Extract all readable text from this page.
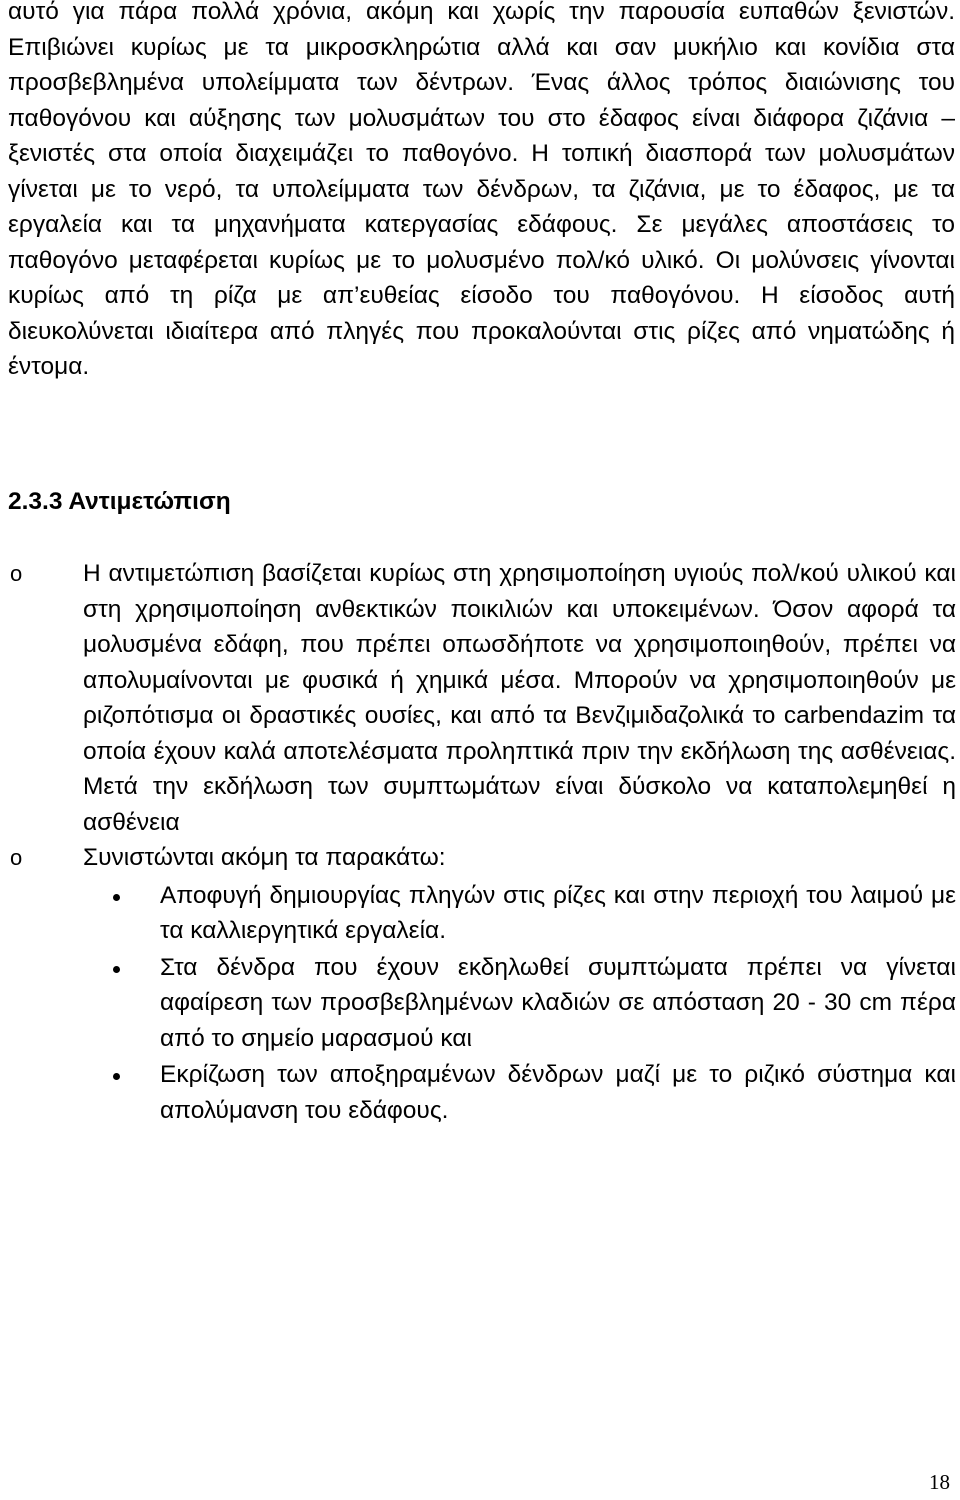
αυτό για πάρα πολλά χρόνια, ακόμη και χωρίς την παρουσία ευπαθών ξενιστών. Επιβιώνει κυρίως με τα μικροσκληρώτια αλλά και σαν μυκήλιο και κονίδια στα προσβεβλημένα υπολείμματα των δέντρων. Ένας άλλος τρόπος διαιώνισης του παθογόνου και αύξησης των μολυσμάτων του στο έδαφος είναι διάφορα ζιζάνια – ξενιστές στα οποία διαχειμάζει το παθογόνο. Η τοπική διασπορά των μολυσμάτων γίνεται με το νερό, τα υπολείμματα των δένδρων, τα ζιζάνια, με το έδαφος, με τα εργαλεία και τα μηχανήματα κατεργασίας εδάφους. Σε μεγάλες αποστάσεις το παθογόνο μεταφέρεται κυρίως με το μολυσμένο πολ/κό υλικό. Οι μολύνσεις γίνονται κυρίως από τη ρίζα με απ’ευθείας είσοδο του παθογόνου. Η είσοδος αυτή διευκολύνεται ιδιαίτερα από πληγές που προκαλούνται στις ρίζες από νηματώδης ή έντομα.

2.3.3 Αντιμετώπιση
o Η αντιμετώπιση βασίζεται κυρίως στη χρησιμοποίηση υγιούς πολ/κού υλικού και στη χρησιμοποίηση ανθεκτικών ποικιλιών και υποκειμένων. Όσον αφορά τα μολυσμένα εδάφη, που πρέπει οπωσδήποτε να χρησιμοποιηθούν, πρέπει να απολυμαίνονται με φυσικά ή χημικά μέσα. Μπορούν να χρησιμοποιηθούν με ριζοπότισμα οι δραστικές ουσίες, και από τα Βενζιμιδαζολικά το carbendazim τα οποία έχουν καλά αποτελέσματα προληπτικά πριν την εκδήλωση της ασθένειας. Μετά την εκδήλωση των συμπτωμάτων είναι δύσκολο να καταπολεμηθεί η ασθένεια
o Συνιστώνται ακόμη τα παρακάτω:
Αποφυγή δημιουργίας πληγών στις ρίζες και στην περιοχή του λαιμού με τα καλλιεργητικά εργαλεία.
Στα δένδρα που έχουν εκδηλωθεί συμπτώματα πρέπει να γίνεται αφαίρεση των προσβεβλημένων κλαδιών σε απόσταση 20 - 30 cm πέρα από το σημείο μαρασμού και
Εκρίζωση των αποξηραμένων δένδρων μαζί με το ριζικό σύστημα και απολύμανση του εδάφους.
18
